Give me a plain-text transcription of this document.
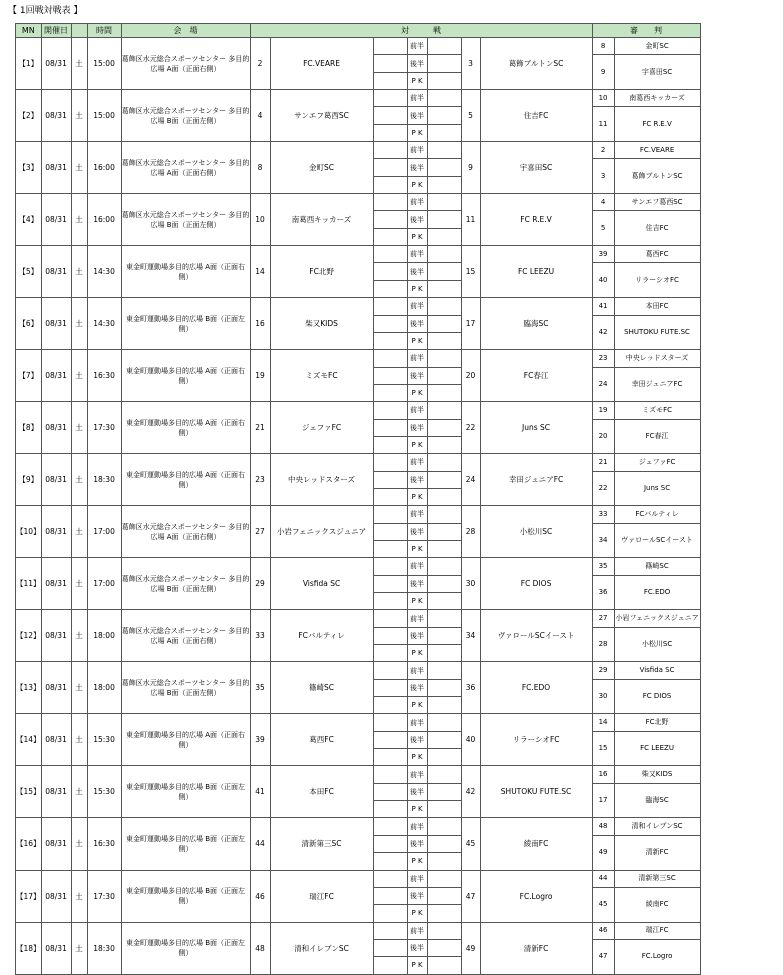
【 1回戦対戦表 】
MN	開催日		時間	会　場	対　　　戦							審　　判	
【1】	08/31	土	15:00	葛飾区水元総合スポーツセンター 多目的広場 A面（正面右側）	2	FC.VEARE		前半		3	葛飾ブルトンSC	8	金町SC
								後半				9	宇喜田SC
								P K					
【2】	08/31	土	15:00	葛飾区水元総合スポーツセンター 多目的広場 B面（正面左側）	4	サンエフ葛西SC		前半		5	住吉FC	10	南葛西キッカーズ
								後半				11	FC R.E.V
								P K					
【3】	08/31	土	16:00	葛飾区水元総合スポーツセンター 多目的広場 A面（正面右側）	8	金町SC		前半		9	宇喜田SC	2	FC.VEARE
								後半				3	葛飾ブルトンSC
								P K					
【4】	08/31	土	16:00	葛飾区水元総合スポーツセンター 多目的広場 B面（正面左側）	10	南葛西キッカーズ		前半		11	FC R.E.V	4	サンエフ葛西SC
								後半				5	住吉FC
								P K					
【5】	08/31	土	14:30	東金町運動場多目的広場 A面（正面右側）	14	FC北野		前半		15	FC LEEZU	39	葛西FC
								後半				40	リラーシオFC
								P K					
【6】	08/31	土	14:30	東金町運動場多目的広場 B面（正面左側）	16	柴又KIDS		前半		17	臨海SC	41	本田FC
								後半				42	SHUTOKU FUTE.SC
								P K					
【7】	08/31	土	16:30	東金町運動場多目的広場 A面（正面右側）	19	ミズモFC		前半		20	FC春江	23	中央レッドスターズ
								後半				24	幸田ジュニアFC
								P K					
【8】	08/31	土	17:30	東金町運動場多目的広場 A面（正面右側）	21	ジェファFC		前半		22	Juns SC	19	ミズモFC
								後半				20	FC春江
								P K					
【9】	08/31	土	18:30	東金町運動場多目的広場 A面（正面右側）	23	中央レッドスターズ		前半		24	幸田ジュニアFC	21	ジェファFC
								後半				22	Juns SC
								P K					
【10】	08/31	土	17:00	葛飾区水元総合スポーツセンター 多目的広場 A面（正面右側）	27	小岩フェニックスジュニア		前半		28	小松川SC	33	FCバルティレ
								後半				34	ヴァロールSCイースト
								P K					
【11】	08/31	土	17:00	葛飾区水元総合スポーツセンター 多目的広場 B面（正面左側）	29	Visfida SC		前半		30	FC DIOS	35	篠崎SC
								後半				36	FC.EDO
								P K					
【12】	08/31	土	18:00	葛飾区水元総合スポーツセンター 多目的広場 A面（正面右側）	33	FCバルティレ		前半		34	ヴァロールSCイースト	27	小岩フェニックスジュニア
								後半				28	小松川SC
								P K					
【13】	08/31	土	18:00	葛飾区水元総合スポーツセンター 多目的広場 B面（正面左側）	35	篠崎SC		前半		36	FC.EDO	29	Visfida SC
								後半				30	FC DIOS
								P K					
【14】	08/31	土	15:30	東金町運動場多目的広場 A面（正面右側）	39	葛西FC		前半		40	リラーシオFC	14	FC北野
								後半				15	FC LEEZU
								P K					
【15】	08/31	土	15:30	東金町運動場多目的広場 B面（正面左側）	41	本田FC		前半		42	SHUTOKU FUTE.SC	16	柴又KIDS
								後半				17	臨海SC
								P K					
【16】	08/31	土	16:30	東金町運動場多目的広場 B面（正面左側）	44	清新第三SC		前半		45	綾南FC	48	清和イレブンSC
								後半				49	清新FC
								P K					
【17】	08/31	土	17:30	東金町運動場多目的広場 B面（正面左側）	46	瑞江FC		前半		47	FC.Logro	44	清新第三SC
								後半				45	綾南FC
								P K					
【18】	08/31	土	18:30	東金町運動場多目的広場 B面（正面左側）	48	清和イレブンSC		前半		49	清新FC	46	瑞江FC
								後半				47	FC.Logro
								P K					
